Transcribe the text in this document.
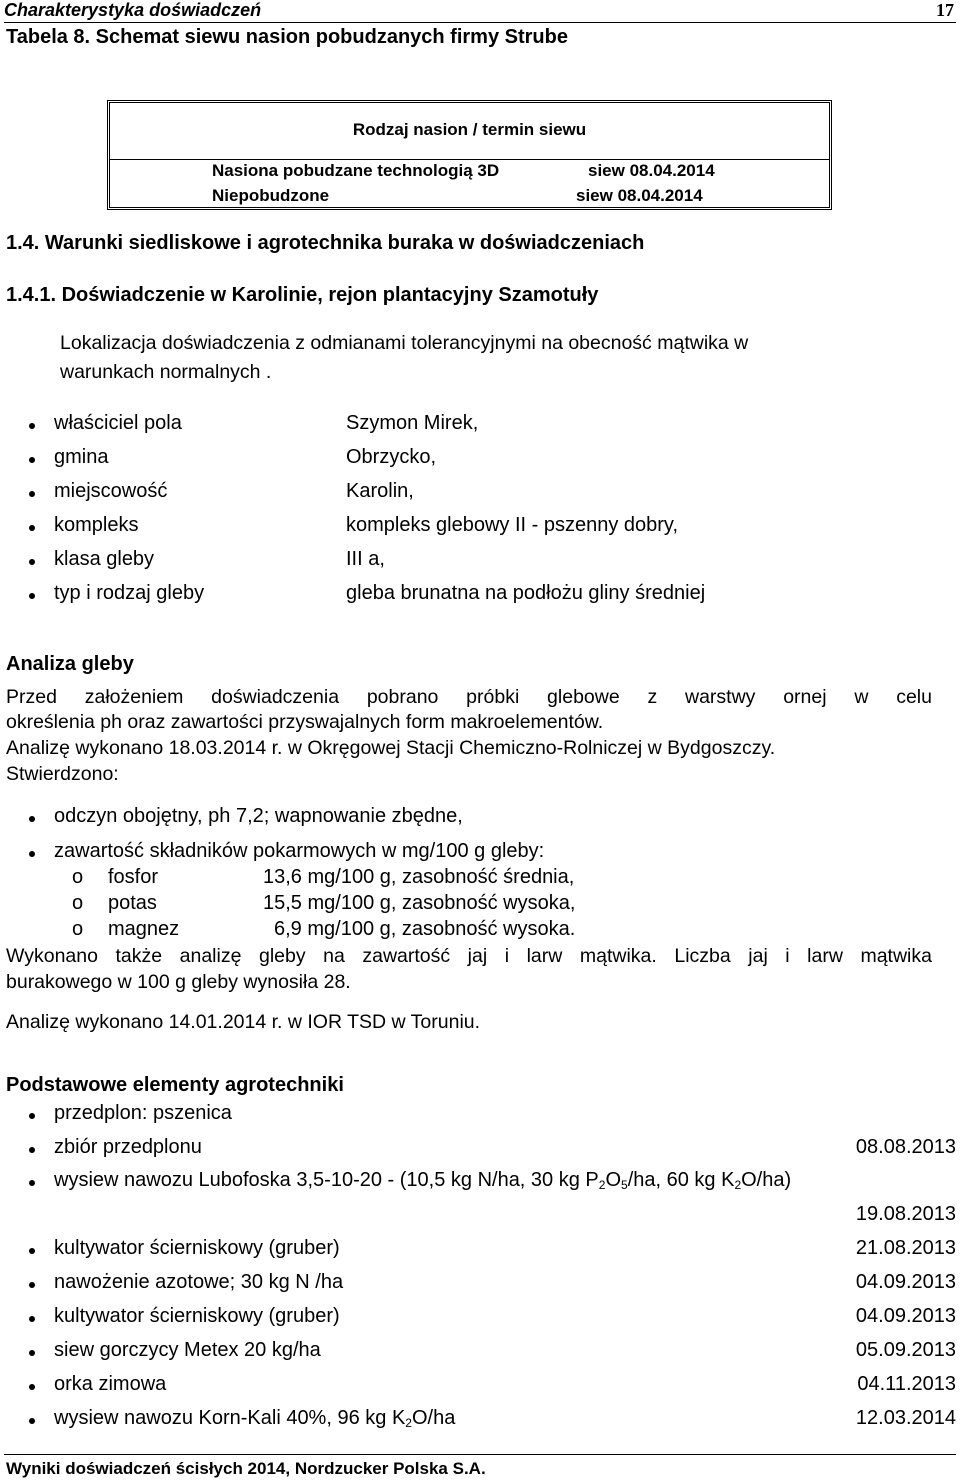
Charakterystyka doświadczeń	17
Tabela 8. Schemat siewu nasion pobudzanych firmy Strube
Rodzaj nasion / termin siewu
Nasiona pobudzane technologią 3D	siew 08.04.2014
Niepobudzone	siew 08.04.2014
1.4. Warunki siedliskowe i agrotechnika buraka w doświadczeniach
1.4.1. Doświadczenie w Karolinie, rejon plantacyjny Szamotuły
Lokalizacja doświadczenia z odmianami tolerancyjnymi na obecność mątwika w
warunkach normalnych .
właściciel pola	Szymon Mirek,
gmina	Obrzycko,
miejscowość	Karolin,
kompleks	kompleks glebowy II - pszenny dobry,
klasa gleby	III a,
typ i rodzaj gleby	gleba brunatna na podłożu gliny średniej
Analiza gleby
Przed założeniem doświadczenia pobrano próbki glebowe z warstwy ornej w celu
określenia ph oraz zawartości przyswajalnych form makroelementów.
Analizę wykonano 18.03.2014 r. w Okręgowej Stacji Chemiczno-Rolniczej w Bydgoszczy.
Stwierdzono:
odczyn obojętny, ph 7,2; wapnowanie zbędne,
zawartość składników pokarmowych w mg/100 g gleby:
o fosfor	13,6 mg/100 g, zasobność średnia,
o potas	15,5 mg/100 g, zasobność wysoka,
o magnez	6,9 mg/100 g, zasobność wysoka.
Wykonano także analizę gleby na zawartość jaj i larw mątwika. Liczba jaj i larw mątwika
burakowego w 100 g gleby wynosiła 28.
Analizę wykonano 14.01.2014 r. w IOR TSD w Toruniu.
Podstawowe elementy agrotechniki
przedplon: pszenica
zbiór przedplonu	08.08.2013
wysiew nawozu Lubofoska 3,5-10-20 - (10,5 kg N/ha, 30 kg $P_2O_5/ha$, 60 kg $K_2O/ha$)
19.08.2013
kultywator ścierniskowy (gruber)	21.08.2013
nawożenie azotowe; 30 kg N /ha	04.09.2013
kultywator ścierniskowy (gruber)	04.09.2013
siew gorczycy Metex 20 kg/ha	05.09.2013
orka zimowa	04.11.2013
wysiew nawozu Korn-Kali 40%, 96 kg $K_2O/ha$	12.03.2014
Wyniki doświadczeń ścisłych 2014, Nordzucker Polska S.A.
